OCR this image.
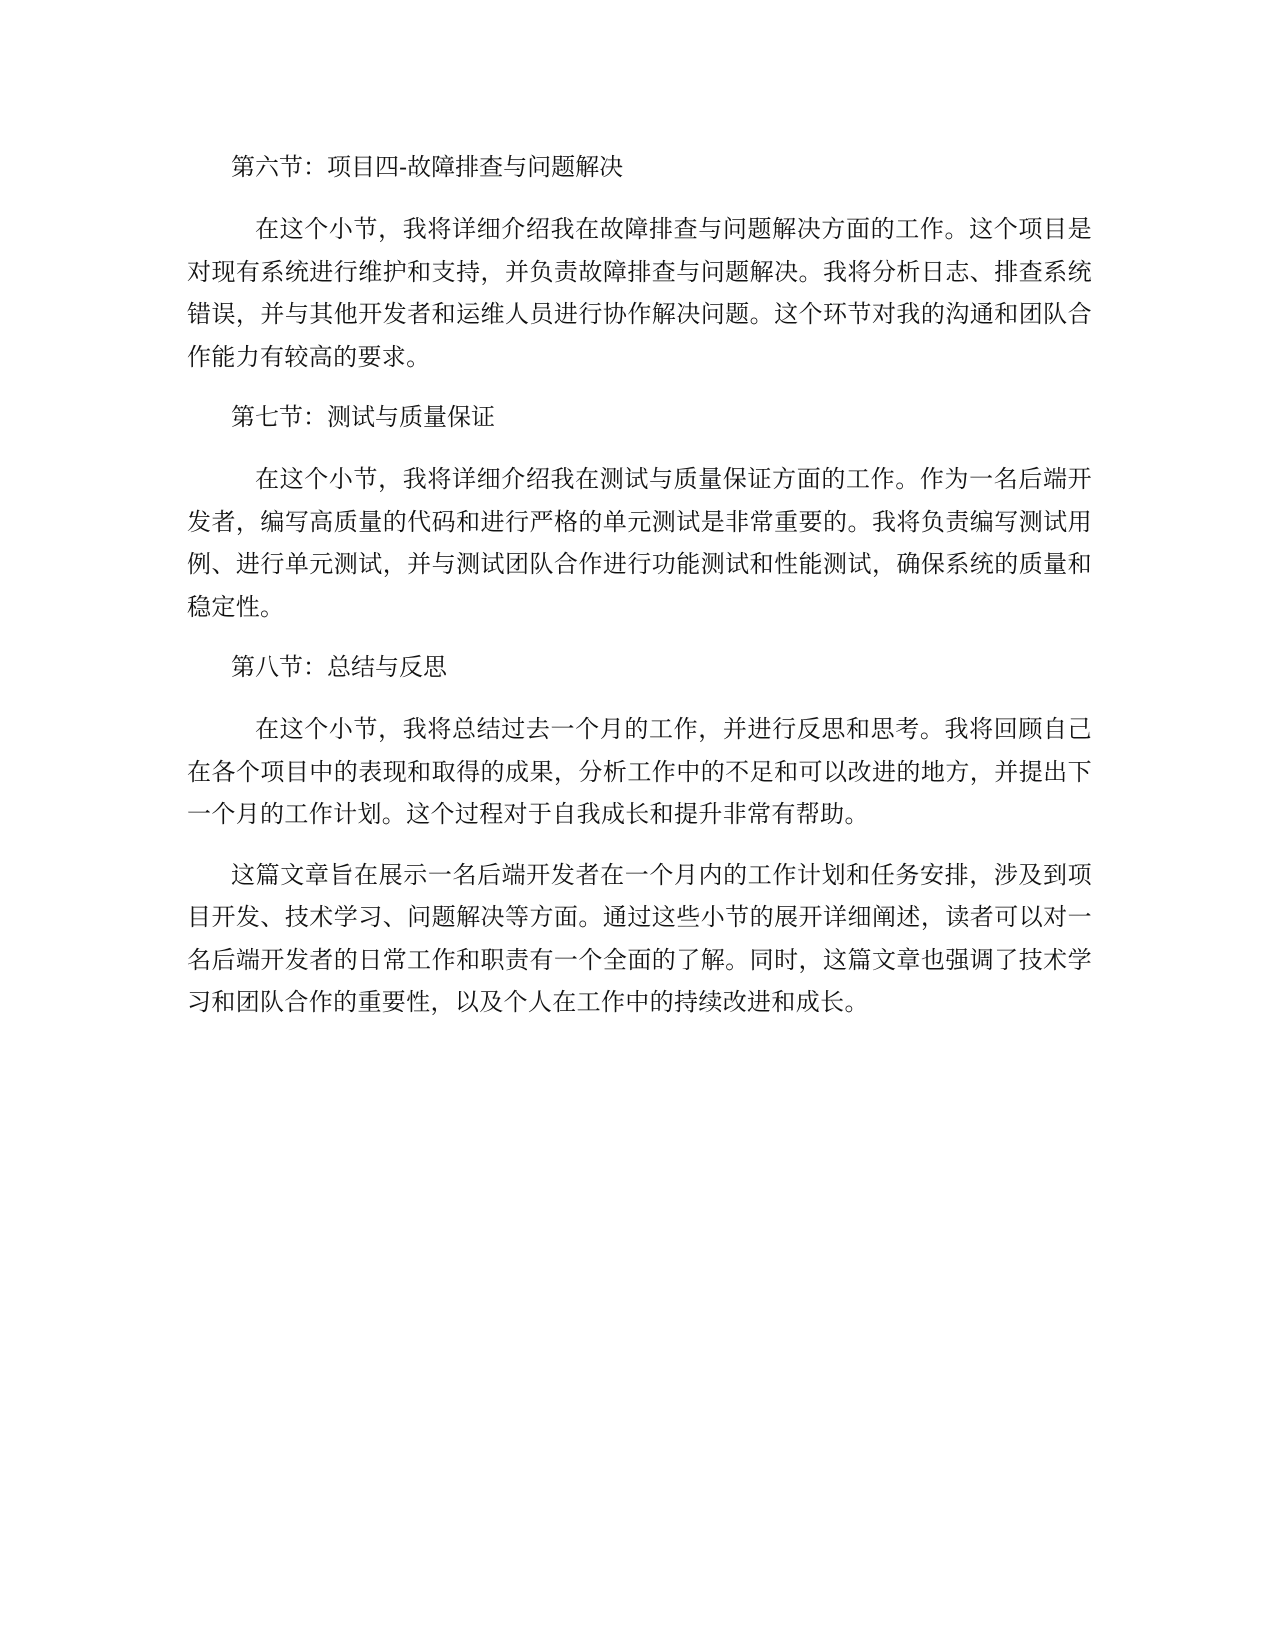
第六节：项目四-故障排查与问题解决

在这个小节，我将详细介绍我在故障排查与问题解决方面的工作。这个项目是对现有系统进行维护和支持，并负责故障排查与问题解决。我将分析日志、排查系统错误，并与其他开发者和运维人员进行协作解决问题。这个环节对我的沟通和团队合作能力有较高的要求。

第七节：测试与质量保证

在这个小节，我将详细介绍我在测试与质量保证方面的工作。作为一名后端开发者，编写高质量的代码和进行严格的单元测试是非常重要的。我将负责编写测试用例、进行单元测试，并与测试团队合作进行功能测试和性能测试，确保系统的质量和稳定性。

第八节：总结与反思

在这个小节，我将总结过去一个月的工作，并进行反思和思考。我将回顾自己在各个项目中的表现和取得的成果，分析工作中的不足和可以改进的地方，并提出下一个月的工作计划。这个过程对于自我成长和提升非常有帮助。

这篇文章旨在展示一名后端开发者在一个月内的工作计划和任务安排，涉及到项目开发、技术学习、问题解决等方面。通过这些小节的展开详细阐述，读者可以对一名后端开发者的日常工作和职责有一个全面的了解。同时，这篇文章也强调了技术学习和团队合作的重要性，以及个人在工作中的持续改进和成长。
